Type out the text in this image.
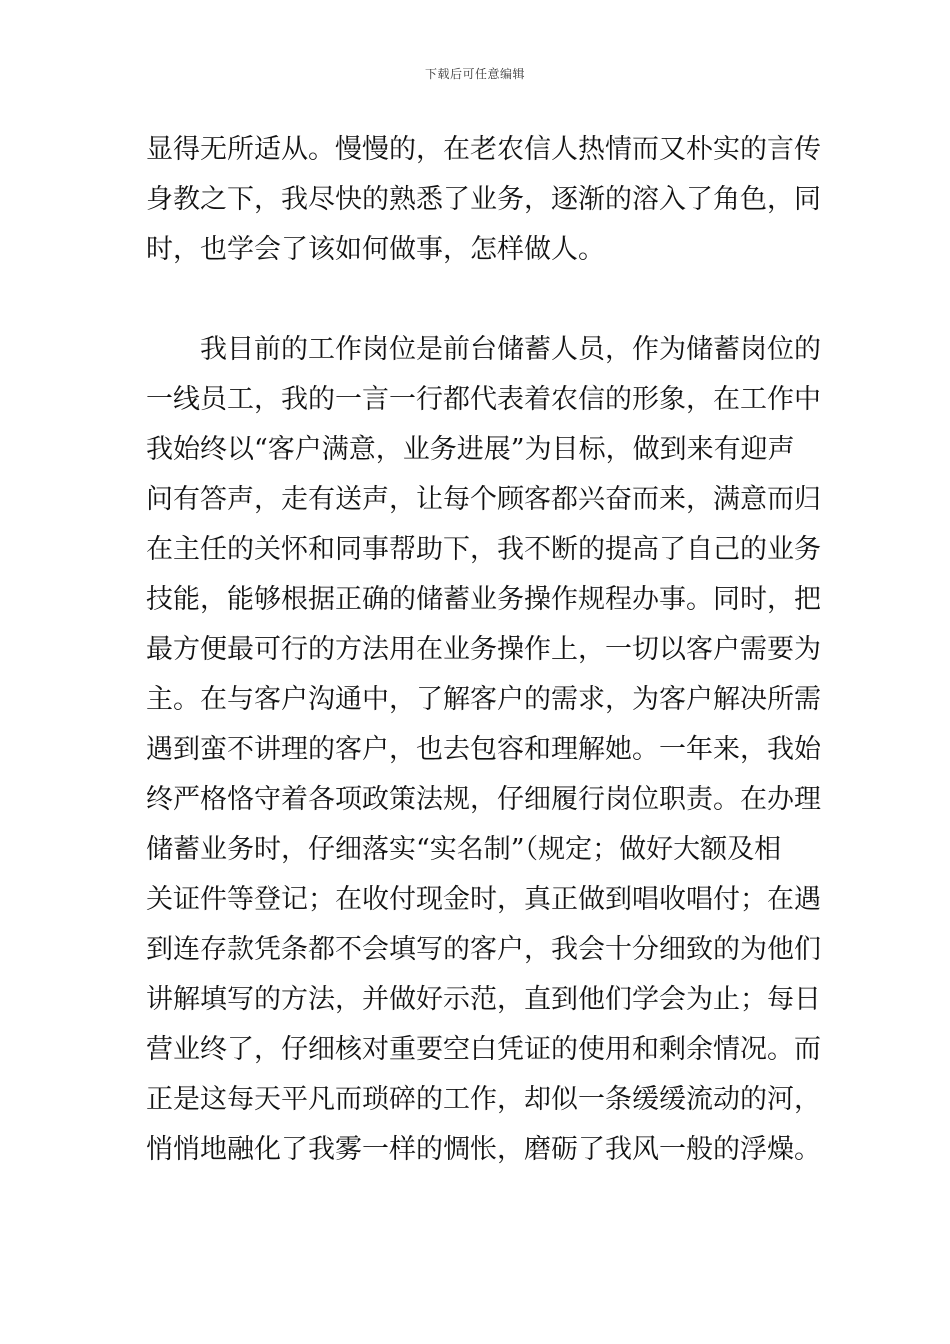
下载后可任意编辑

显得无所适从。慢慢的，在老农信人热情而又朴实的言传
身教之下，我尽快的熟悉了业务，逐渐的溶入了角色，同
时，也学会了该如何做事，怎样做人。

　　我目前的工作岗位是前台储蓄人员，作为储蓄岗位的
一线员工，我的一言一行都代表着农信的形象，在工作中
我始终以“客户满意，业务进展”为目标，做到来有迎声
问有答声，走有送声，让每个顾客都兴奋而来，满意而归
在主任的关怀和同事帮助下，我不断的提高了自己的业务
技能，能够根据正确的储蓄业务操作规程办事。同时，把
最方便最可行的方法用在业务操作上，一切以客户需要为
主。在与客户沟通中，了解客户的需求，为客户解决所需
遇到蛮不讲理的客户，也去包容和理解她。一年来，我始
终严格恪守着各项政策法规，仔细履行岗位职责。在办理
储蓄业务时，仔细落实“实名制”（规定；做好大额及相
关证件等登记；在收付现金时，真正做到唱收唱付；在遇
到连存款凭条都不会填写的客户，我会十分细致的为他们
讲解填写的方法，并做好示范，直到他们学会为止；每日
营业终了，仔细核对重要空白凭证的使用和剩余情况。而
正是这每天平凡而琐碎的工作，却似一条缓缓流动的河，
悄悄地融化了我雾一样的惆怅，磨砺了我风一般的浮燥。
